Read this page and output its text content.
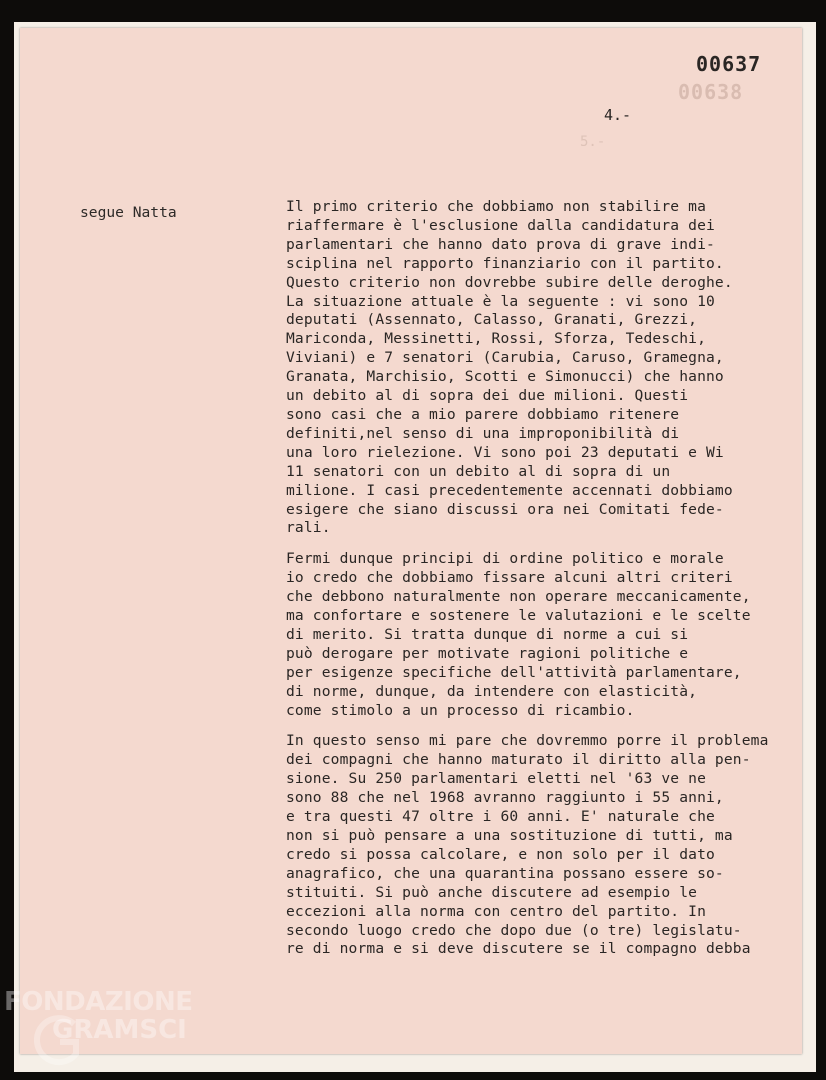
00638
5.-
00637
4.-
segue Natta	Il primo criterio che dobbiamo non stabilire ma
riaffermare è l'esclusione dalla candidatura dei
parlamentari che hanno dato prova di grave indi-
sciplina nel rapporto finanziario con il partito.
Questo criterio non dovrebbe subire delle deroghe.
La situazione attuale è la seguente : vi sono 10
deputati (Assennato, Calasso, Granati, Grezzi,
Mariconda, Messinetti, Rossi, Sforza, Tedeschi,
Viviani) e 7 senatori (Carubia, Caruso, Gramegna,
Granata, Marchisio, Scotti e Simonucci) che hanno
un debito al di sopra dei due milioni. Questi
sono casi che a mio parere dobbiamo ritenere
definiti,nel senso di una improponibilità di
una loro rielezione. Vi sono poi 23 deputati e Wi
11 senatori con un debito al di sopra di un
milione. I casi precedentemente accennati dobbiamo
esigere che siano discussi ora nei Comitati fede-
rali.
Fermi dunque principi di ordine politico e morale
io credo che dobbiamo fissare alcuni altri criteri
che debbono naturalmente non operare meccanicamente,
ma confortare e sostenere le valutazioni e le scelte
di merito. Si tratta dunque di norme a cui si
può derogare per motivate ragioni politiche e
per esigenze specifiche dell'attività parlamentare,
di norme, dunque, da intendere con elasticità,
come stimolo a un processo di ricambio.
In questo senso mi pare che dovremmo porre il problema
dei compagni che hanno maturato il diritto alla pen-
sione. Su 250 parlamentari eletti nel '63 ve ne
sono 88 che nel 1968 avranno raggiunto i 55 anni,
e tra questi 47 oltre i 60 anni. E' naturale che
non si può pensare a una sostituzione di tutti, ma
credo si possa calcolare, e non solo per il dato
anagrafico, che una quarantina possano essere so-
stituiti. Si può anche discutere ad esempio le
eccezioni alla norma con centro del partito. In
secondo luogo credo che dopo due (o tre) legislatu-
re di norma e si deve discutere se il compagno debba
FONDAZIONE
GRAMSCI
